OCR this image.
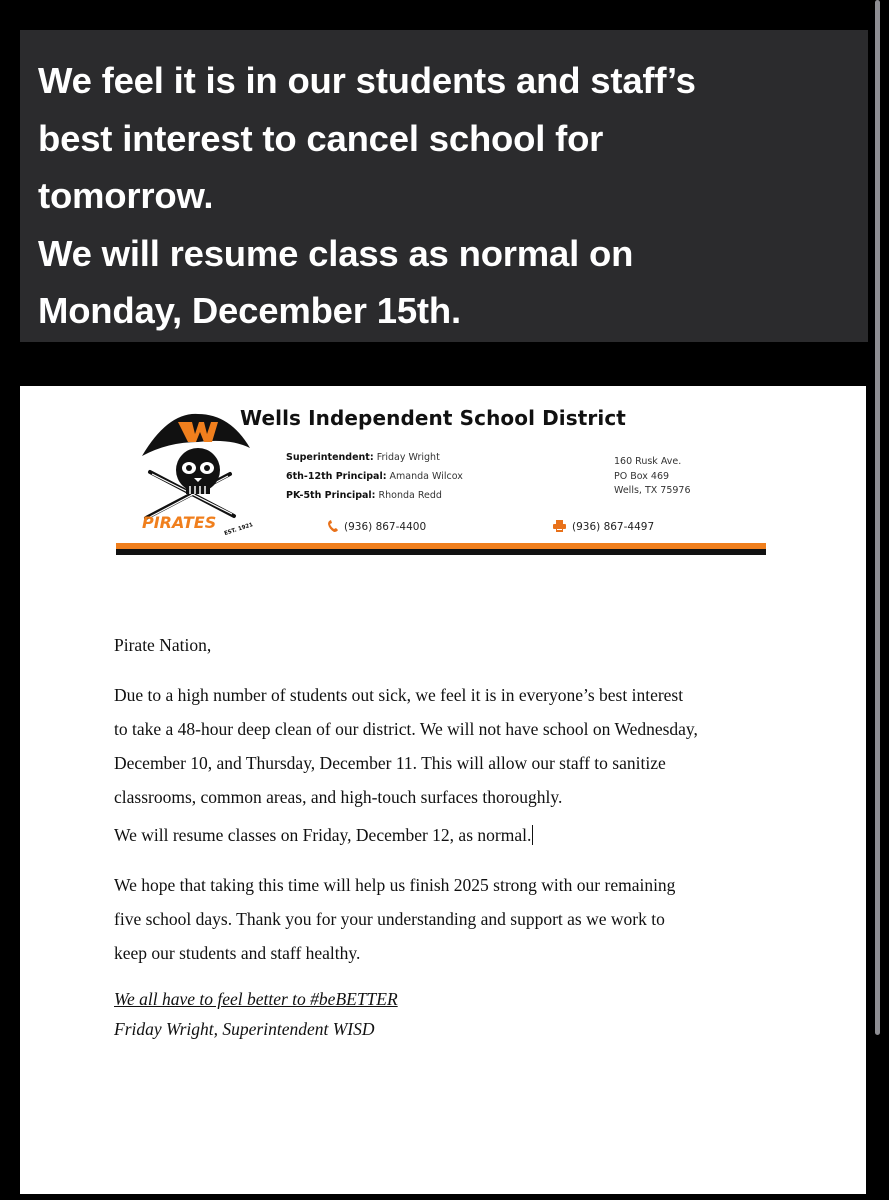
We feel it is in our students and staff’s
best interest to cancel school for
tomorrow.
We will resume class as normal on
Monday, December 15th.
PIRATES EST. 1921
Wells Independent School District
Superintendent: Friday Wright
6th-12th Principal: Amanda Wilcox
PK-5th Principal: Rhonda Redd
160 Rusk Ave.
PO Box 469
Wells, TX 75976
(936) 867-4400	(936) 867-4497

Pirate Nation,

Due to a high number of students out sick, we feel it is in everyone’s best interest
to take a 48-hour deep clean of our district. We will not have school on Wednesday,
December 10, and Thursday, December 11. This will allow our staff to sanitize
classrooms, common areas, and high-touch surfaces thoroughly.

We will resume classes on Friday, December 12, as normal.

We hope that taking this time will help us finish 2025 strong with our remaining
five school days. Thank you for your understanding and support as we work to
keep our students and staff healthy.

We all have to feel better to #beBETTER

Friday Wright, Superintendent WISD
